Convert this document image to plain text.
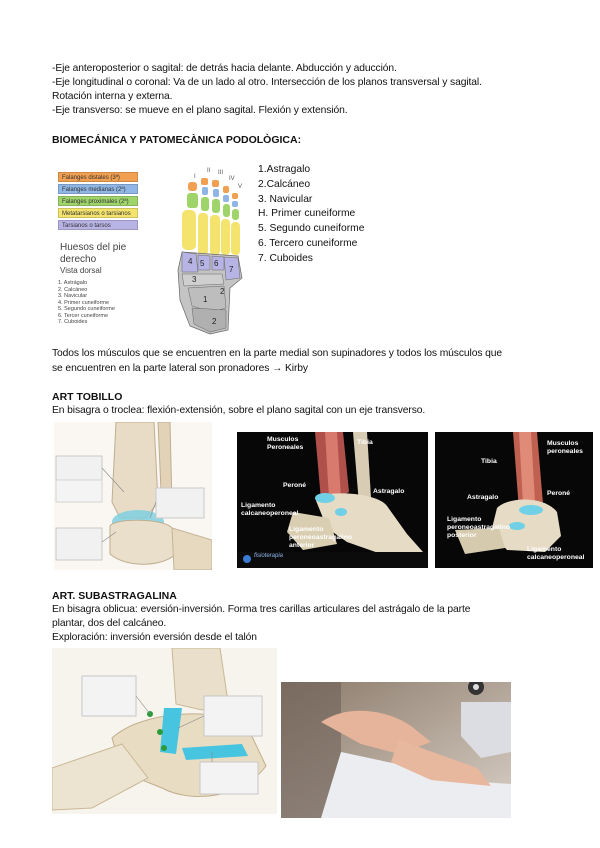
-Eje anteroposterior o sagital: de detrás hacia delante. Abducción y aducción.
-Eje longitudinal o coronal: Va de un lado al otro. Intersección de los planos transversal y sagital.
Rotación interna y externa.
-Eje transverso: se mueve en el plano sagital. Flexión y extensión.
BIOMECÁNICA Y PATOMECÀNICA PODOLÒGICA:
Falanges distales (3ª)
Falanges medianas (2ª)
Falanges proximales (2ª)
Metatarsianos o tarsianos
Tarsianos o tarsos
Huesos del pie
derecho
Vista dorsal
1. Astrágalo
2. Calcáneo
3. Navicular
4. Primer cuneiforme
5. Segundo cuneiforme
6. Tercer cuneiforme
7. Cuboides
I
II III
IV
V
4 5 6
7
3
1
2
2
1.Astragalo
2.Calcáneo
3. Navicular
H. Primer cuneiforme
5. Segundo cuneiforme
6. Tercero cuneiforme
7. Cuboides
Todos los músculos que se encuentren en la parte medial son supinadores y todos los músculos que
se encuentren en la parte lateral son pronadores → Kirby
ART TOBILLO
En bisagra o troclea: flexión-extensión, sobre el plano sagital con un eje transverso.
Musculos Peroneales
Tibia
Peroné
Astragalo
Ligamento calcaneoperoneal
Ligamento peroneoastragalino anterior
fisioterapia
Musculos peroneales
Tibia
Peroné
Astragalo
Ligamento peroneoastragalino posterior
Ligamento calcaneoperoneal
ART. SUBASTRAGALINA
En bisagra oblicua: eversión-inversión. Forma tres carillas articulares del astrágalo de la parte
plantar, dos del calcáneo.
Exploración: inversión eversión desde el talón
